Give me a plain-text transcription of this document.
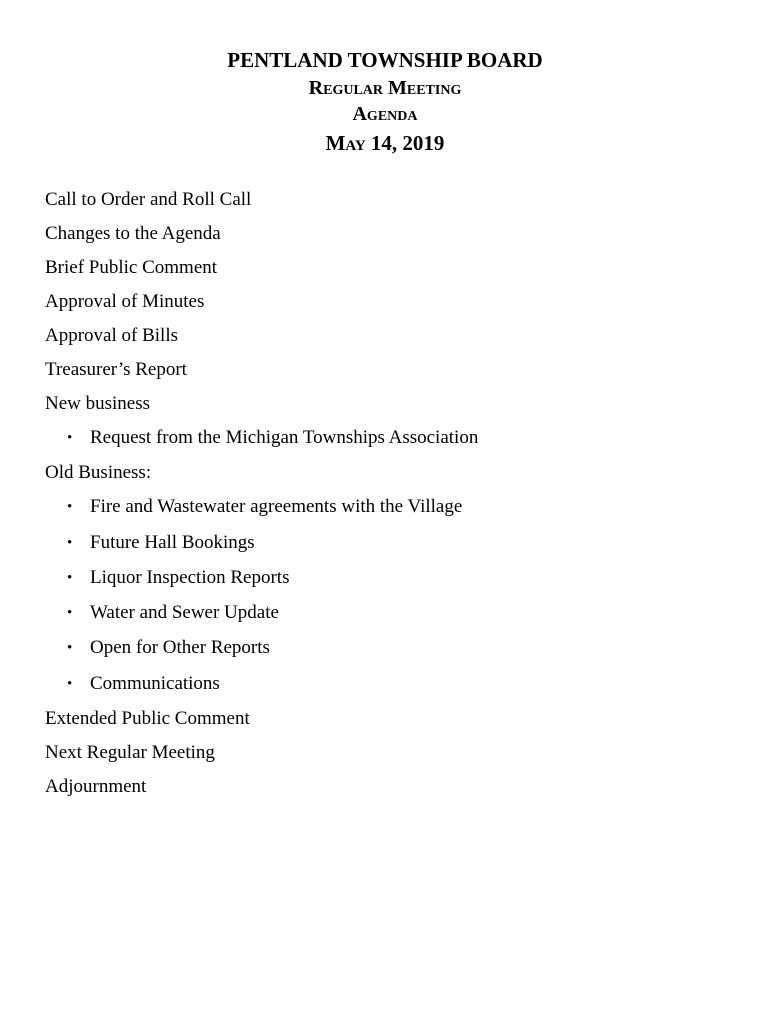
PENTLAND TOWNSHIP BOARD
Regular Meeting
Agenda
May 14, 2019
Call to Order and Roll Call
Changes to the Agenda
Brief Public Comment
Approval of Minutes
Approval of Bills
Treasurer’s Report
New business
•Request from the Michigan Townships Association
Old Business:
•Fire and Wastewater agreements with the Village
•Future Hall Bookings
•Liquor Inspection Reports
•Water and Sewer Update
•Open for Other Reports
•Communications
Extended Public Comment
Next Regular Meeting
Adjournment
